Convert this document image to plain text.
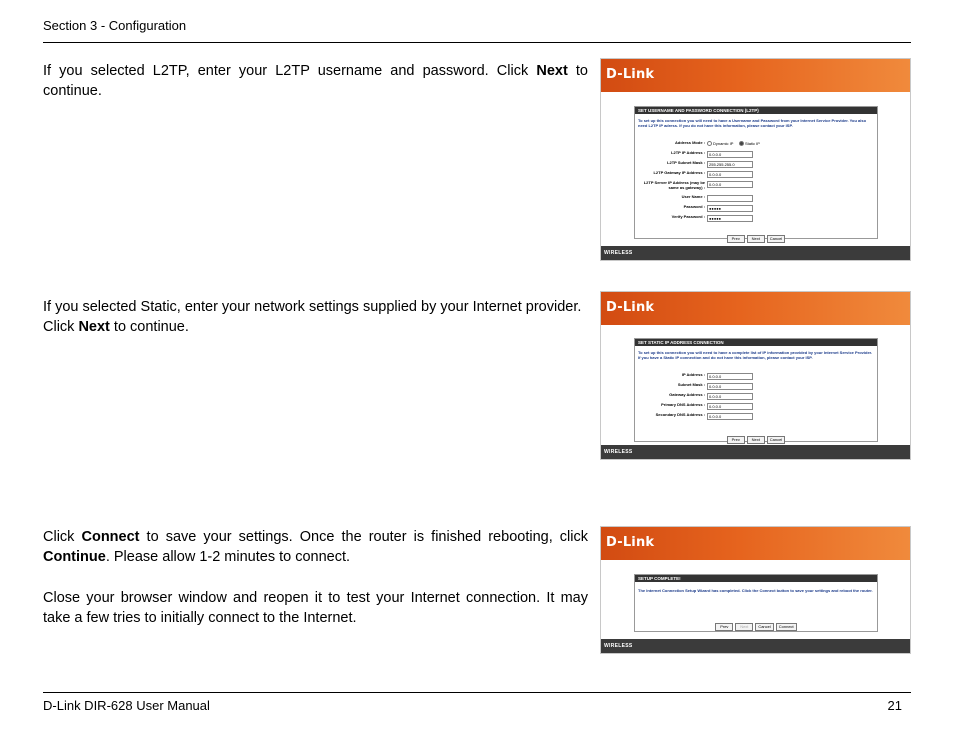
Section 3 - Configuration

If you selected L2TP, enter your L2TP username and password. Click Next to continue.

If you selected Static, enter your network settings supplied by your Internet provider. Click Next to continue.

Click Connect to save your settings. Once the router is finished rebooting, click Continue. Please allow 1-2 minutes to connect.

Close your browser window and reopen it to test your Internet connection. It may take a few tries to initially connect to the Internet.

D-Link
SET USERNAME AND PASSWORD CONNECTION (L2TP)
To set up this connection you will need to have a Username and Password from your Internet Service Provider. You also need L2TP IP adress. If you do not have this information, please contact your ISP.
Address Mode :	Dynamic IP	Static IP
L2TP IP Address :	0.0.0.0
L2TP Subnet Mask :	255.255.255.0
L2TP Gateway IP Address :	0.0.0.0
L2TP Server IP Address (may be same as gateway) :	0.0.0.0
User Name :
Password :	●●●●●
Verify Password :	●●●●●
Prev	Next Cancel
WIRELESS
D-Link
SET STATIC IP ADDRESS CONNECTION
To set up this connection you will need to have a complete list of IP information provided by your Internet Service Provider. If you have a Static IP connection and do not have this information, please contact your ISP.
IP Address :	0.0.0.0
Subnet Mask :	0.0.0.0
Gateway Address :	0.0.0.0
Primary DNS Address :	0.0.0.0
Secondary DNS Address :	0.0.0.0
Prev	Next Cancel
WIRELESS
D-Link
SETUP COMPLETE!
The Internet Connection Setup Wizard has completed. Click the Connect button to save your settings and reboot the router.
Prev	Next Cancel Connect
WIRELESS
D-Link DIR-628 User Manual	21
